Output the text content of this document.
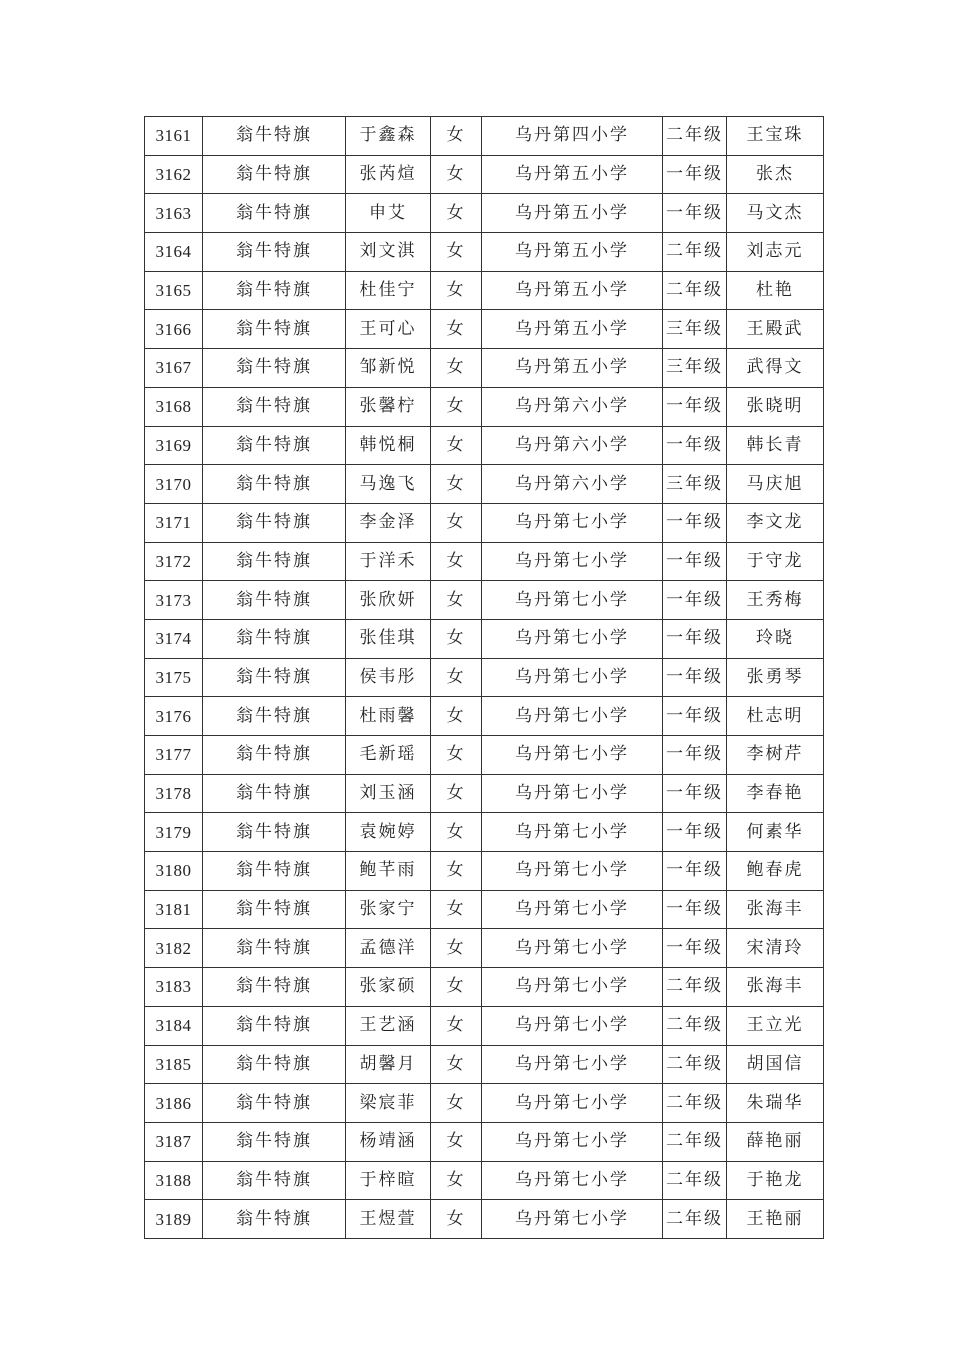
3161	翁牛特旗	于鑫森	女	乌丹第四小学	二年级	王宝珠
3162	翁牛特旗	张芮煊	女	乌丹第五小学	一年级	张杰
3163	翁牛特旗	申艾	女	乌丹第五小学	一年级	马文杰
3164	翁牛特旗	刘文淇	女	乌丹第五小学	二年级	刘志元
3165	翁牛特旗	杜佳宁	女	乌丹第五小学	二年级	杜艳
3166	翁牛特旗	王可心	女	乌丹第五小学	三年级	王殿武
3167	翁牛特旗	邹新悦	女	乌丹第五小学	三年级	武得文
3168	翁牛特旗	张馨柠	女	乌丹第六小学	一年级	张晓明
3169	翁牛特旗	韩悦桐	女	乌丹第六小学	一年级	韩长青
3170	翁牛特旗	马逸飞	女	乌丹第六小学	三年级	马庆旭
3171	翁牛特旗	李金泽	女	乌丹第七小学	一年级	李文龙
3172	翁牛特旗	于洋禾	女	乌丹第七小学	一年级	于守龙
3173	翁牛特旗	张欣妍	女	乌丹第七小学	一年级	王秀梅
3174	翁牛特旗	张佳琪	女	乌丹第七小学	一年级	玲晓
3175	翁牛特旗	侯韦彤	女	乌丹第七小学	一年级	张勇琴
3176	翁牛特旗	杜雨馨	女	乌丹第七小学	一年级	杜志明
3177	翁牛特旗	毛新瑶	女	乌丹第七小学	一年级	李树芹
3178	翁牛特旗	刘玉涵	女	乌丹第七小学	一年级	李春艳
3179	翁牛特旗	袁婉婷	女	乌丹第七小学	一年级	何素华
3180	翁牛特旗	鲍芊雨	女	乌丹第七小学	一年级	鲍春虎
3181	翁牛特旗	张家宁	女	乌丹第七小学	一年级	张海丰
3182	翁牛特旗	孟德洋	女	乌丹第七小学	一年级	宋清玲
3183	翁牛特旗	张家硕	女	乌丹第七小学	二年级	张海丰
3184	翁牛特旗	王艺涵	女	乌丹第七小学	二年级	王立光
3185	翁牛特旗	胡馨月	女	乌丹第七小学	二年级	胡国信
3186	翁牛特旗	梁宸菲	女	乌丹第七小学	二年级	朱瑞华
3187	翁牛特旗	杨靖涵	女	乌丹第七小学	二年级	薛艳丽
3188	翁牛特旗	于梓暄	女	乌丹第七小学	二年级	于艳龙
3189	翁牛特旗	王煜萱	女	乌丹第七小学	二年级	王艳丽
